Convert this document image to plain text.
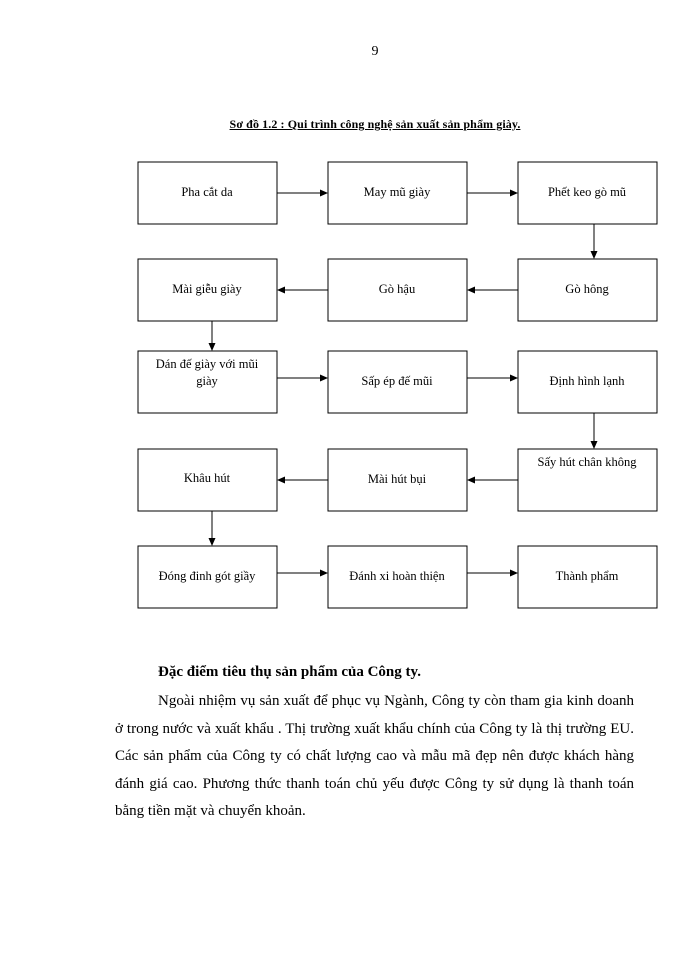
9
Sơ đồ 1.2 : Qui trình công nghệ sản xuất sản phẩm giày.
Pha cắt da	May mũ giày	Phết keo gò mũ
Gò hông
Gò hậu
Mài giễu giày
Dán đế giày với mũi
giày	Sấp ép đế mũi	Định hình lạnh
Sấy hút chân không
Mài hút bụi
Khâu hút
Đóng đinh gót giầy	Đánh xi hoàn thiện	Thành phẩm
Đặc điểm tiêu thụ sản phẩm của Công ty.

Ngoài nhiệm vụ sản xuất để phục vụ Ngành, Công ty còn tham gia kinh doanh ở trong nước và xuất khẩu . Thị trường xuất khẩu chính của Công ty là thị trường EU. Các sản phẩm của Công ty có chất lượng cao và mẫu mã đẹp nên được khách hàng đánh giá cao. Phương thức thanh toán chủ yếu được Công ty sử dụng là thanh toán bằng tiền mặt và chuyển khoản.
